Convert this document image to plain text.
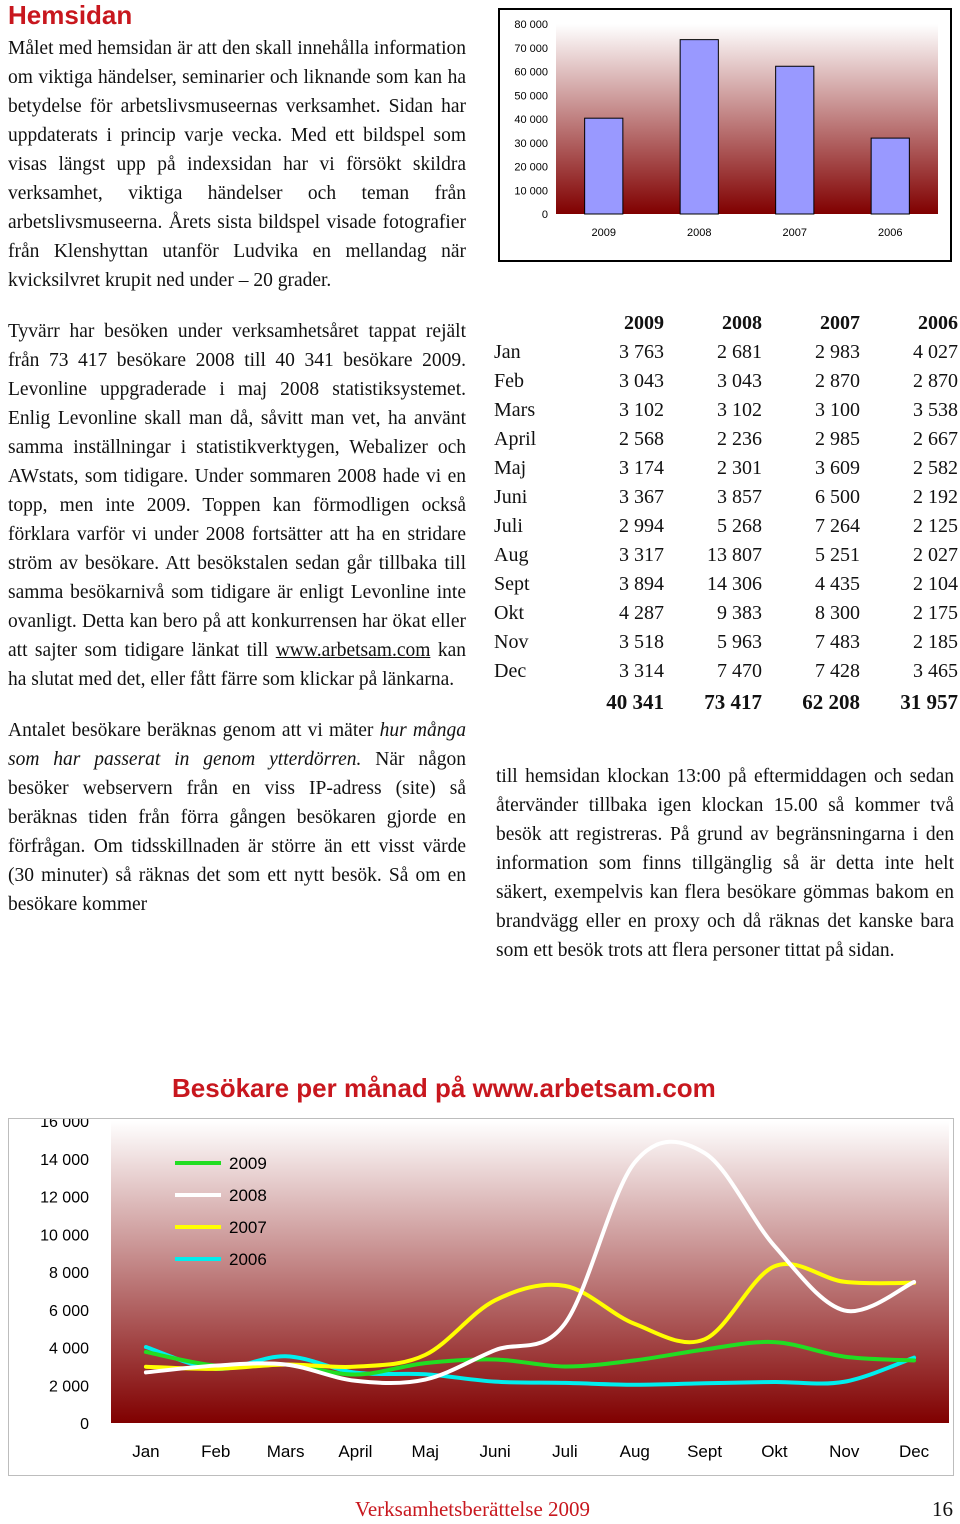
Hemsidan

Målet med hemsidan är att den skall innehålla information om viktiga händelser, seminarier och liknande som kan ha betydelse för arbetslivsmuseernas verksamhet. Sidan har uppdaterats i princip varje vecka. Med ett bildspel som visas längst upp på indexsidan har vi försökt skildra verksamhet, viktiga händelser och teman från arbetslivsmuseerna. Årets sista bildspel visade fotografier från Klenshyttan utanför Ludvika en mellandag när kvicksilvret krupit ned under – 20 grader.

Tyvärr har besöken under verksamhetsåret tappat rejält från 73 417 besökare 2008 till 40 341 besökare 2009. Levonline uppgraderade i maj 2008 statistiksystemet. Enlig Levonline skall man då, såvitt man vet, ha använt samma inställningar i statistikverktygen, Webalizer och AWstats, som tidigare. Under sommaren 2008 hade vi en topp, men inte 2009. Toppen kan förmodligen också förklara varför vi under 2008 fortsätter att ha en stridare ström av besökare. Att besökstalen sedan går tillbaka till samma besökarnivå som tidigare är enligt Levonline inte ovanligt. Detta kan bero på att konkurrensen har ökat eller att sajter som tidigare länkat till www.arbetsam.com kan ha slutat med det, eller fått färre som klickar på länkarna.

Antalet besökare beräknas genom att vi mäter hur många som har passerat in genom ytterdörren. När någon besöker webservern från en viss IP-adress (site) så beräknas tiden från förra gången besökaren gjorde en förfrågan. Om tidsskillnaden är större än ett visst värde (30 minuter) så räknas det som ett nytt besök. Så om en besökare kommer

0
10 000
20 000
30 000
40 000
50 000
60 000
70 000
80 000
2009	2008	2007	2006
	2009	2008	2007	2006
Jan	3 763	2 681	2 983	4 027
Feb	3 043	3 043	2 870	2 870
Mars	3 102	3 102	3 100	3 538
April	2 568	2 236	2 985	2 667
Maj	3 174	2 301	3 609	2 582
Juni	3 367	3 857	6 500	2 192
Juli	2 994	5 268	7 264	2 125
Aug	3 317	13 807	5 251	2 027
Sept	3 894	14 306	4 435	2 104
Okt	4 287	9 383	8 300	2 175
Nov	3 518	5 963	7 483	2 185
Dec	3 314	7 470	7 428	3 465
	40 341	73 417	62 208	31 957

till hemsidan klockan 13:00 på eftermiddagen och sedan återvänder tillbaka igen klockan 15.00 så kommer två besök att registreras. På grund av begränsningarna i den information som finns tillgänglig så är detta inte helt säkert, exempelvis kan flera besökare gömmas bakom en brandvägg eller en proxy och då räknas det kanske bara som ett besök trots att flera personer tittat på sidan.

Besökare per månad på www.arbetsam.com
0
2 000
4 000
6 000
8 000
10 000
12 000
14 000
16 000
Jan Feb Mars April Maj Juni Juli Aug Sept Okt Nov Dec
2009
2008
2007
2006
Verksamhetsberättelse 2009	16
